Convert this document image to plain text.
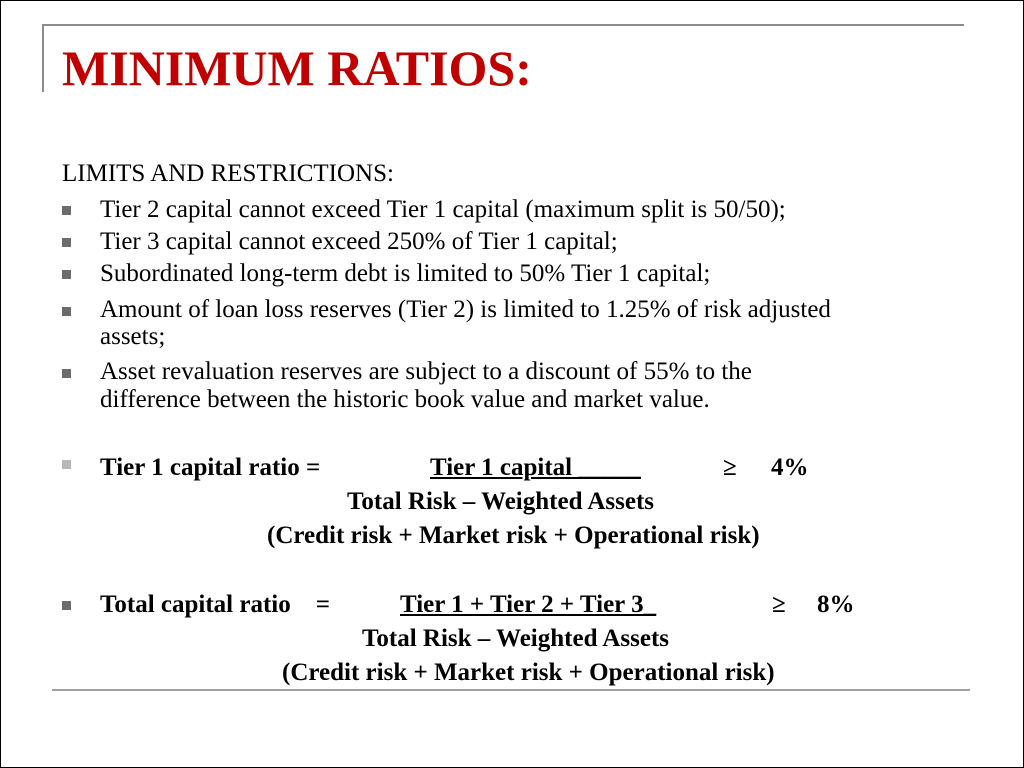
MINIMUM RATIOS:
LIMITS AND RESTRICTIONS:
Tier 2 capital cannot exceed Tier 1 capital (maximum split is 50/50);
Tier 3 capital cannot exceed 250% of Tier 1 capital;
Subordinated long-term debt is limited to 50% Tier 1 capital;
Amount of loan loss reserves (Tier 2) is limited to 1.25% of risk adjusted
assets;
Asset revaluation reserves are subject to a discount of 55% to the
difference between the historic book value and market value.
Tier 1 capital ratio =	Tier 1 capital _____	≥ 4%
Total Risk – Weighted Assets
(Credit risk + Market risk + Operational risk)
Total capital ratio    =	Tier 1 + Tier 2 + Tier 3_	≥ 8%
Total Risk – Weighted Assets
(Credit risk + Market risk + Operational risk)
